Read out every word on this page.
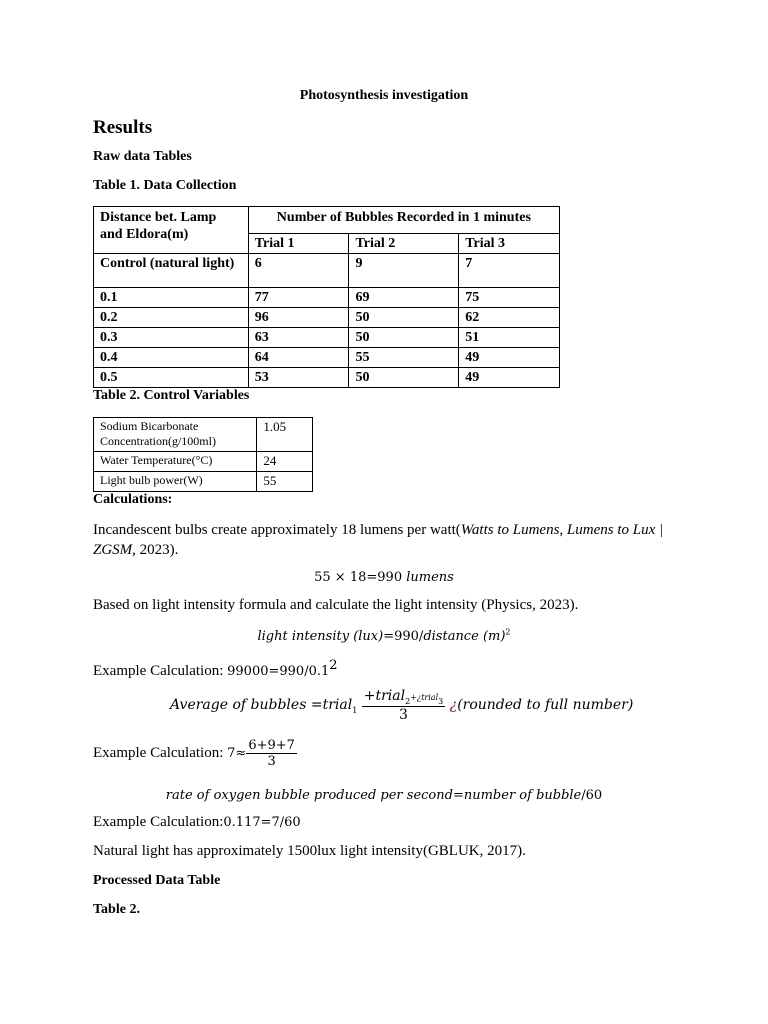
Photosynthesis investigation
Results
Raw data Tables
Table 1. Data Collection
Distance bet. Lamp and Eldora(m)	Number of Bubbles Recorded in 1 minutes		
	Trial 1	Trial 2	Trial 3
Control (natural light)	6	9	7
0.1	77	69	75
0.2	96	50	62
0.3	63	50	51
0.4	64	55	49
0.5	53	50	49
Table 2. Control Variables
Sodium Bicarbonate Concentration(g/100ml)	1.05
Water Temperature(°C)	24
Light bulb power(W)	55
Calculations:
Incandescent bulbs create approximately 18 lumens per watt(Watts to Lumens, Lumens to Lux | ZGSM, 2023).
55 × 18=990 lumens
Based on light intensity formula and calculate the light intensity (Physics, 2023).
light intensity (lux)=990/distance $(m)^2$
Example Calculation: $99000=990/0.1^2$
Average of bubbles =trial$_1$ $\frac{+trial_2+¿trial_3}{3}$ ¿(rounded to full number)
Example Calculation: $7\approx \frac{6+9+7}{3}$
rate of oxygen bubble produced per second=number of bubble/60
Example Calculation:0.117=7/60
Natural light has approximately 1500lux light intensity(GBLUK, 2017).
Processed Data Table
Table 2.
